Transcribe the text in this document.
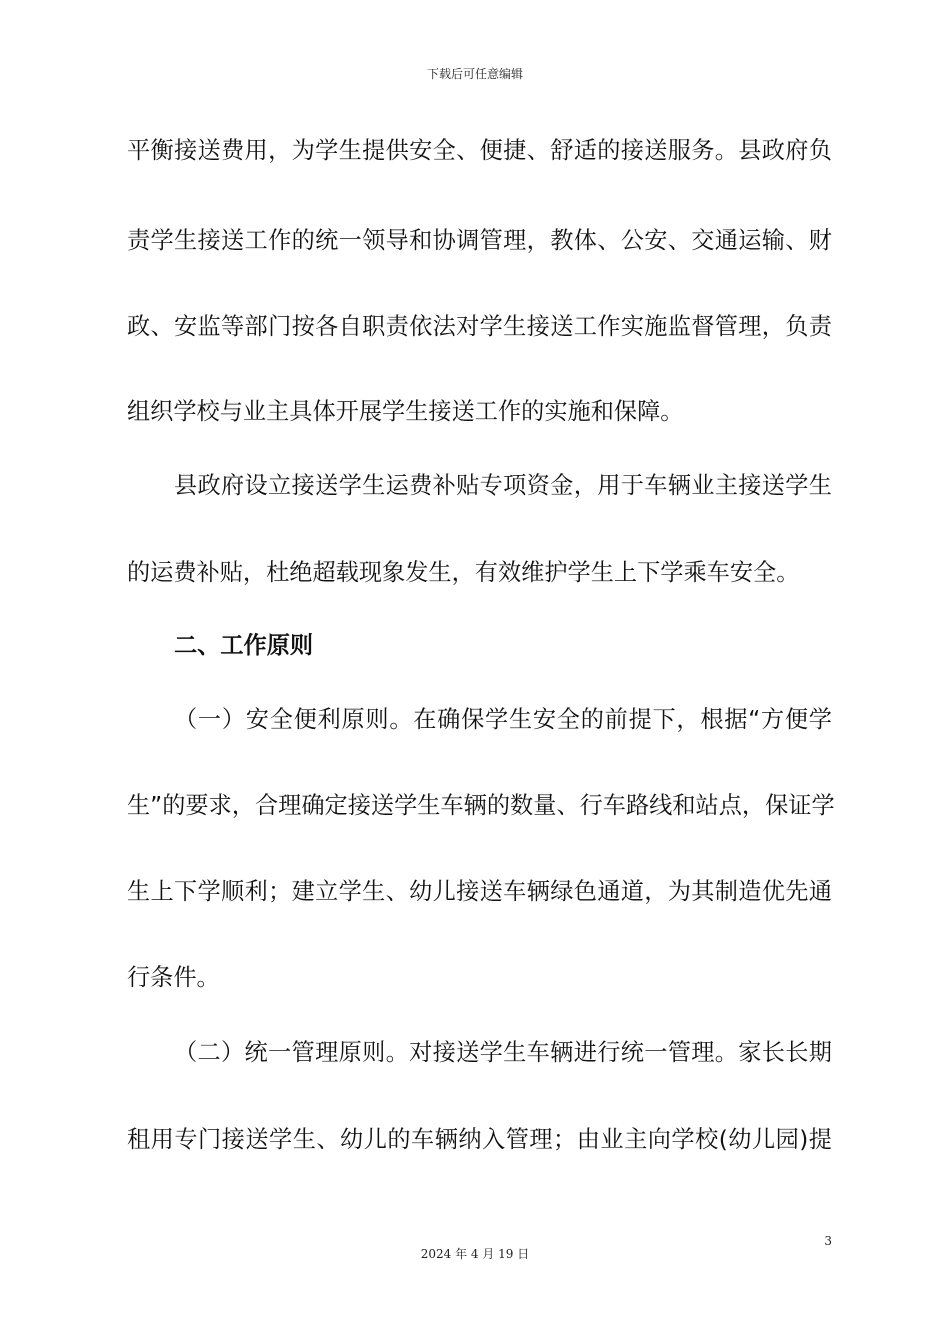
下载后可任意编辑
平衡接送费用，为学生提供安全、便捷、舒适的接送服务。县政府负
责学生接送工作的统一领导和协调管理，教体、公安、交通运输、财
政、安监等部门按各自职责依法对学生接送工作实施监督管理，负责
组织学校与业主具体开展学生接送工作的实施和保障。
县政府设立接送学生运费补贴专项资金，用于车辆业主接送学生
的运费补贴，杜绝超载现象发生，有效维护学生上下学乘车安全。
二、工作原则
（一）安全便利原则。在确保学生安全的前提下，根据“方便学
生”的要求，合理确定接送学生车辆的数量、行车路线和站点，保证学
生上下学顺利；建立学生、幼儿接送车辆绿色通道，为其制造优先通
行条件。
（二）统一管理原则。对接送学生车辆进行统一管理。家长长期
租用专门接送学生、幼儿的车辆纳入管理；由业主向学校(幼儿园)提
3
2024 年 4 月 19 日
